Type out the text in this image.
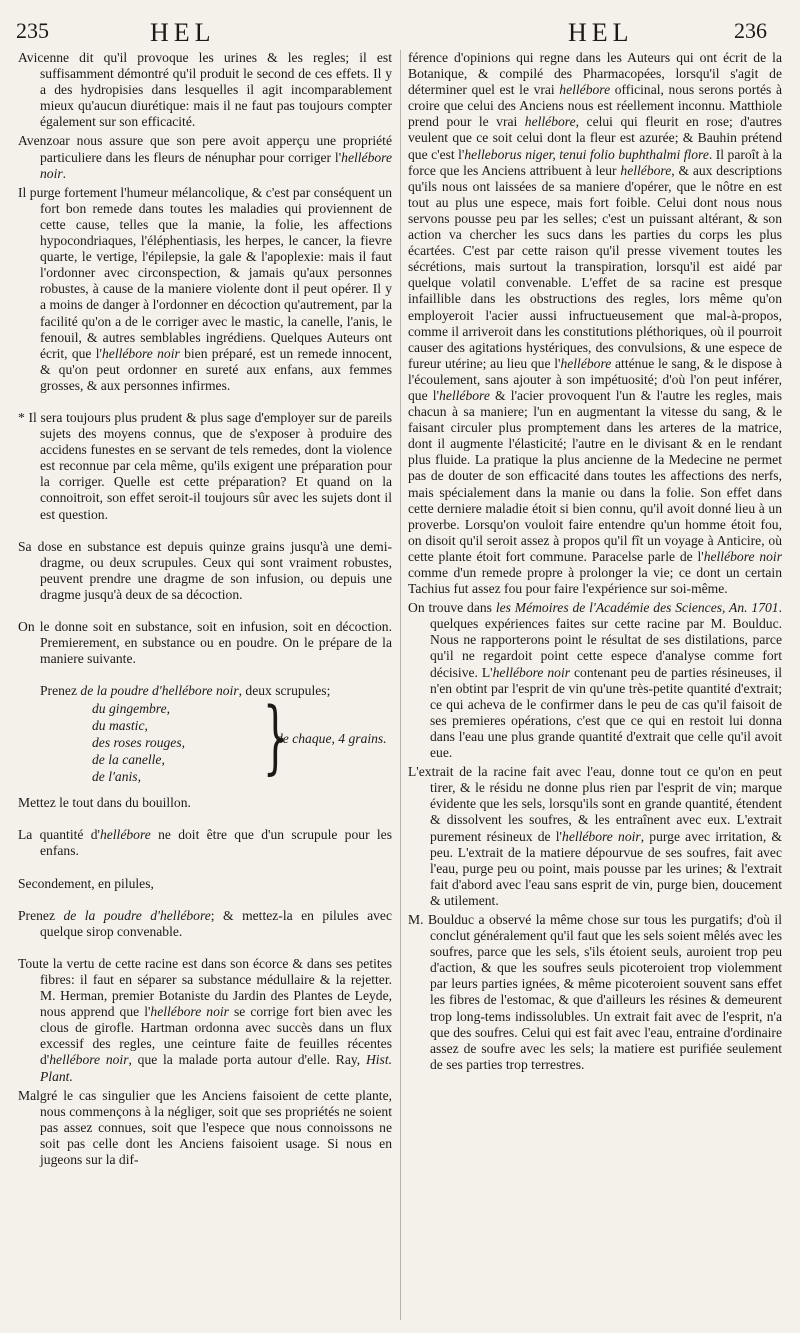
235	HEL	HEL	236

Avicenne dit qu'il provoque les urines & les regles; il est suffisamment démontré qu'il produit le second de ces effets. Il y a des hydropisies dans lesquelles il agit incomparablement mieux qu'aucun diurétique: mais il ne faut pas toujours compter également sur son efficacité.

Avenzoar nous assure que son pere avoit apperçu une propriété particuliere dans les fleurs de nénuphar pour corriger l'hellébore noir.

Il purge fortement l'humeur mélancolique, & c'est par conséquent un fort bon remede dans toutes les maladies qui proviennent de cette cause, telles que la manie, la folie, les affections hypocondriaques, l'éléphentiasis, les herpes, le cancer, la fievre quarte, le vertige, l'épilepsie, la gale & l'apoplexie: mais il faut l'ordonner avec circonspection, & jamais qu'aux personnes robustes, à cause de la maniere violente dont il peut opérer. Il y a moins de danger à l'ordonner en décoction qu'autrement, par la facilité qu'on a de le corriger avec le mastic, la canelle, l'anis, le fenouil, & autres semblables ingrédiens. Quelques Auteurs ont écrit, que l'hellébore noir bien préparé, est un remede innocent, & qu'on peut ordonner en sureté aux enfans, aux femmes grosses, & aux personnes infirmes.

* Il sera toujours plus prudent & plus sage d'employer sur de pareils sujets des moyens connus, que de s'exposer à produire des accidens funestes en se servant de tels remedes, dont la violence est reconnue par cela même, qu'ils exigent une préparation pour la corriger. Quelle est cette préparation? Et quand on la connoitroit, son effet seroit-il toujours sûr avec les sujets dont il est question.

Sa dose en substance est depuis quinze grains jusqu'à une demi-dragme, ou deux scrupules. Ceux qui sont vraiment robustes, peuvent prendre une dragme de son infusion, ou depuis une dragme jusqu'à deux de sa décoction.

On le donne soit en substance, soit en infusion, soit en décoction. Premierement, en substance ou en poudre. On le prépare de la maniere suivante.

Prenez de la poudre d'hellébore noir, deux scrupules;
du gingembre,
du mastic,
des roses rouges,
de la canelle,
de l'anis,	}
de chaque, 4 grains.

Mettez le tout dans du bouillon.

La quantité d'hellébore ne doit être que d'un scrupule pour les enfans.

Secondement, en pilules,

Prenez de la poudre d'hellébore; & mettez-la en pilules avec quelque sirop convenable.

Toute la vertu de cette racine est dans son écorce & dans ses petites fibres: il faut en séparer sa substance médullaire & la rejetter. M. Herman, premier Botaniste du Jardin des Plantes de Leyde, nous apprend que l'hellébore noir se corrige fort bien avec les clous de girofle. Hartman ordonna avec succès dans un flux excessif des regles, une ceinture faite de feuilles récentes d'hellébore noir, que la malade porta autour d'elle. Ray, Hist. Plant.

Malgré le cas singulier que les Anciens faisoient de cette plante, nous commençons à la négliger, soit que ses propriétés ne soient pas assez connues, soit que l'espece que nous connoissons ne soit pas celle dont les Anciens faisoient usage. Si nous en jugeons sur la dif-

férence d'opinions qui regne dans les Auteurs qui ont écrit de la Botanique, & compilé des Pharmacopées, lorsqu'il s'agit de déterminer quel est le vrai hellébore officinal, nous serons portés à croire que celui des Anciens nous est réellement inconnu. Matthiole prend pour le vrai hellébore, celui qui fleurit en rose; d'autres veulent que ce soit celui dont la fleur est azurée; & Bauhin prétend que c'est l'helleborus niger, tenui folio buphthalmi flore. Il paroît à la force que les Anciens attribuent à leur hellébore, & aux descriptions qu'ils nous ont laissées de sa maniere d'opérer, que le nôtre en est tout au plus une espece, mais fort foible. Celui dont nous nous servons pousse peu par les selles; c'est un puissant altérant, & son action va chercher les sucs dans les parties du corps les plus écartées. C'est par cette raison qu'il presse vivement toutes les sécrétions, mais surtout la transpiration, lorsqu'il est aidé par quelque volatil convenable. L'effet de sa racine est presque infaillible dans les obstructions des regles, lors même qu'on employeroit l'acier aussi infructueusement que mal-à-propos, comme il arriveroit dans les constitutions pléthoriques, où il pourroit causer des agitations hystériques, des convulsions, & une espece de fureur utérine; au lieu que l'hellébore atténue le sang, & le dispose à l'écoulement, sans ajouter à son impétuosité; d'où l'on peut inférer, que l'hellébore & l'acier provoquent l'un & l'autre les regles, mais chacun à sa maniere; l'un en augmentant la vitesse du sang, & le faisant circuler plus promptement dans les arteres de la matrice, dont il augmente l'élasticité; l'autre en le divisant & en le rendant plus fluide. La pratique la plus ancienne de la Medecine ne permet pas de douter de son efficacité dans toutes les affections des nerfs, mais spécialement dans la manie ou dans la folie. Son effet dans cette derniere maladie étoit si bien connu, qu'il avoit donné lieu à un proverbe. Lorsqu'on vouloit faire entendre qu'un homme étoit fou, on disoit qu'il seroit assez à propos qu'il fît un voyage à Anticire, où cette plante étoit fort commune. Paracelse parle de l'hellébore noir comme d'un remede propre à prolonger la vie; ce dont un certain Tachius fut assez fou pour faire l'expérience sur soi-même.

On trouve dans les Mémoires de l'Académie des Sciences, An. 1701. quelques expériences faites sur cette racine par M. Boulduc. Nous ne rapporterons point le résultat de ses distilations, parce qu'il ne regardoit point cette espece d'analyse comme fort décisive. L'hellébore noir contenant peu de parties résineuses, il n'en obtint par l'esprit de vin qu'une très-petite quantité d'extrait; ce qui acheva de le confirmer dans le peu de cas qu'il faisoit de ses premieres opérations, c'est que ce qui en restoit lui donna dans l'eau une plus grande quantité d'extrait que celle qu'il avoit eue.

L'extrait de la racine fait avec l'eau, donne tout ce qu'on en peut tirer, & le résidu ne donne plus rien par l'esprit de vin; marque évidente que les sels, lorsqu'ils sont en grande quantité, étendent & dissolvent les soufres, & les entraînent avec eux. L'extrait purement résineux de l'hellébore noir, purge avec irritation, & peu. L'extrait de la matiere dépourvue de ses soufres, fait avec l'eau, purge peu ou point, mais pousse par les urines; & l'extrait fait d'abord avec l'eau sans esprit de vin, purge bien, doucement & utilement.

M. Boulduc a observé la même chose sur tous les purgatifs; d'où il conclut généralement qu'il faut que les sels soient mêlés avec les soufres, parce que les sels, s'ils étoient seuls, auroient trop peu d'action, & que les soufres seuls picoteroient trop violemment par leurs parties ignées, & même picoteroient souvent sans effet les fibres de l'estomac, & que d'ailleurs les résines & demeurent trop long-tems indissolubles. Un extrait fait avec de l'esprit, n'a que des soufres. Celui qui est fait avec l'eau, entraine d'ordinaire assez de soufre avec les sels; la matiere est purifiée seulement de ses parties trop terrestres.
